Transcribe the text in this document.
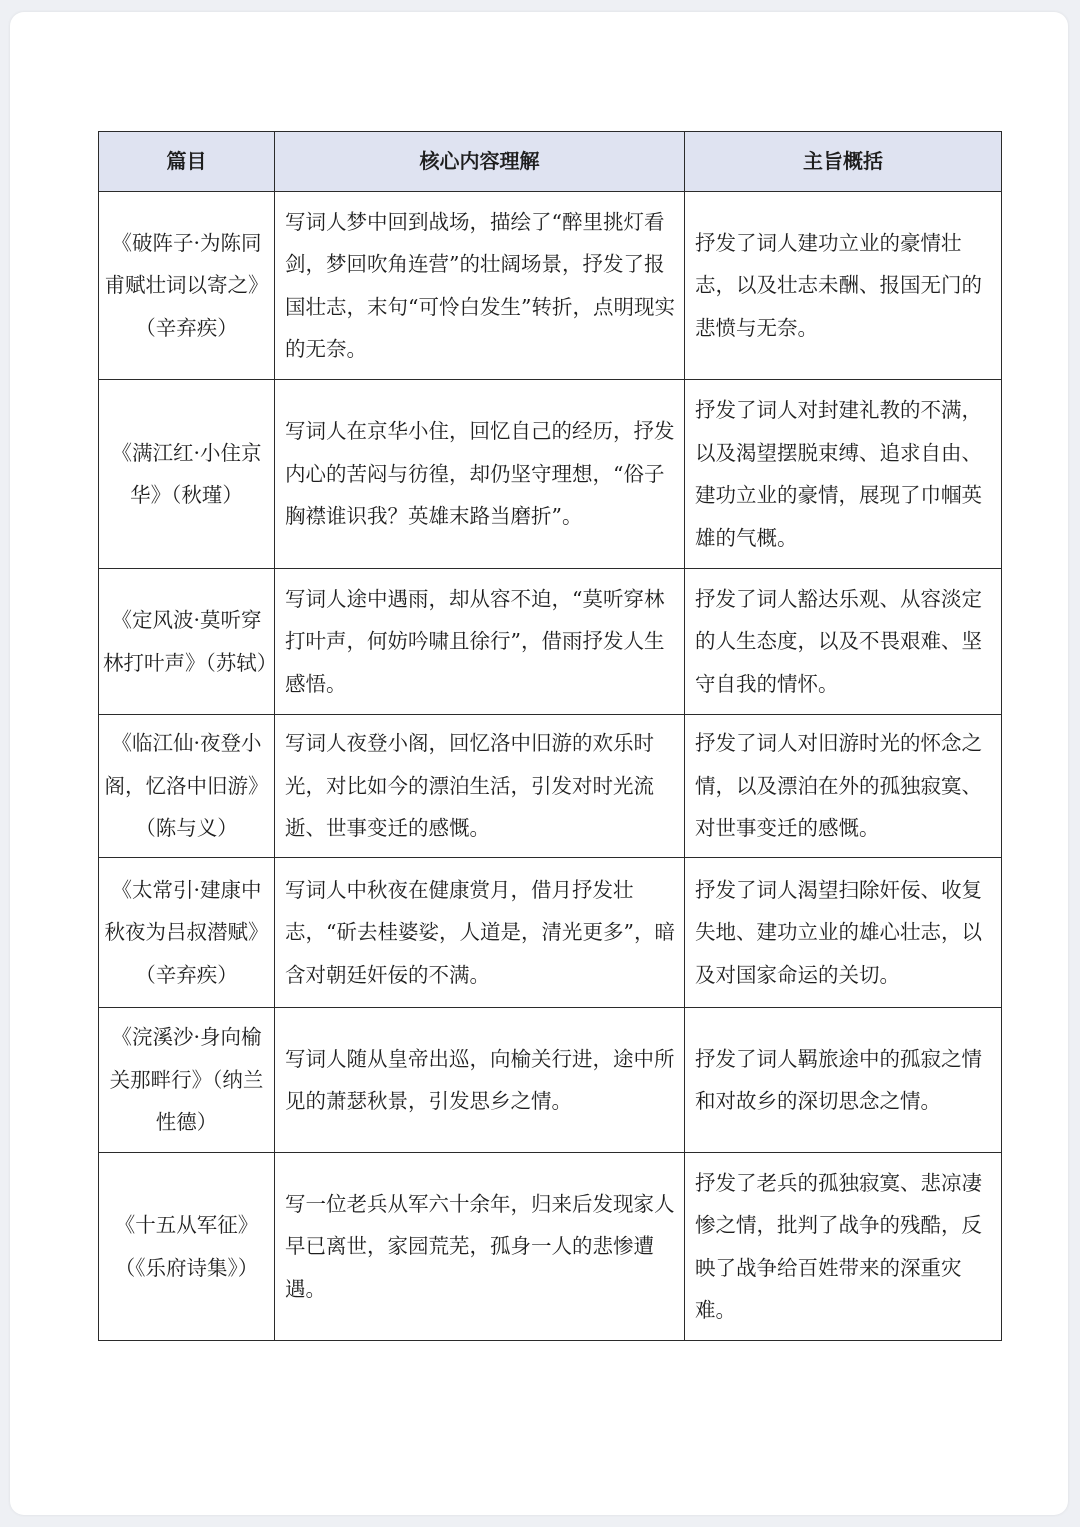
篇目	核心内容理解	主旨概括
《破阵子·为陈同甫赋壮词以寄之》（辛弃疾）	写词人梦中回到战场，描绘了“醉里挑灯看剑，梦回吹角连营”的壮阔场景，抒发了报国壮志，末句“可怜白发生”转折，点明现实的无奈。	抒发了词人建功立业的豪情壮志，以及壮志未酬、报国无门的悲愤与无奈。
《满江红·小住京华》（秋瑾）	写词人在京华小住，回忆自己的经历，抒发内心的苦闷与彷徨，却仍坚守理想，“俗子胸襟谁识我？英雄末路当磨折”。	抒发了词人对封建礼教的不满，以及渴望摆脱束缚、追求自由、建功立业的豪情，展现了巾帼英雄的气概。
《定风波·莫听穿林打叶声》（苏轼）	写词人途中遇雨，却从容不迫，“莫听穿林打叶声，何妨吟啸且徐行”，借雨抒发人生感悟。	抒发了词人豁达乐观、从容淡定的人生态度，以及不畏艰难、坚守自我的情怀。
《临江仙·夜登小阁，忆洛中旧游》（陈与义）	写词人夜登小阁，回忆洛中旧游的欢乐时光，对比如今的漂泊生活，引发对时光流逝、世事变迁的感慨。	抒发了词人对旧游时光的怀念之情，以及漂泊在外的孤独寂寞、对世事变迁的感慨。
《太常引·建康中秋夜为吕叔潜赋》（辛弃疾）	写词人中秋夜在健康赏月，借月抒发壮志，“斫去桂婆娑，人道是，清光更多”，暗含对朝廷奸佞的不满。	抒发了词人渴望扫除奸佞、收复失地、建功立业的雄心壮志，以及对国家命运的关切。
《浣溪沙·身向榆关那畔行》（纳兰性德）	写词人随从皇帝出巡，向榆关行进，途中所见的萧瑟秋景，引发思乡之情。	抒发了词人羁旅途中的孤寂之情和对故乡的深切思念之情。
《十五从军征》（《乐府诗集》）	写一位老兵从军六十余年，归来后发现家人早已离世，家园荒芜，孤身一人的悲惨遭遇。	抒发了老兵的孤独寂寞、悲凉凄惨之情，批判了战争的残酷，反映了战争给百姓带来的深重灾难。
